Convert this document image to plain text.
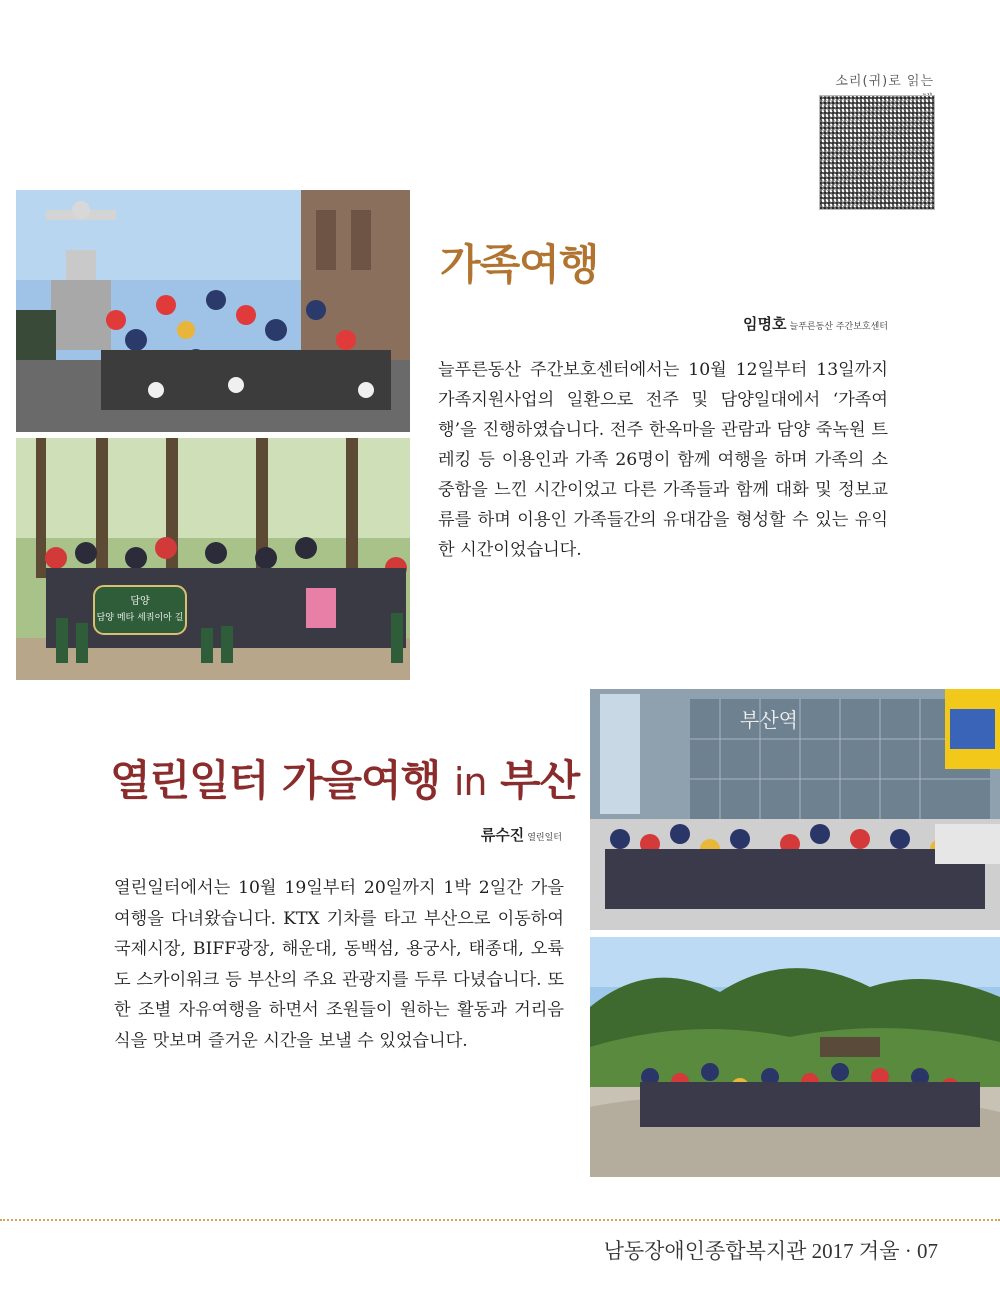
소리(귀)로 읽는
담양
담양 메타 세쿼이아 길
가족여행
임명호 늘푸른동산 주간보호센터

늘푸른동산 주간보호센터에서는 10월 12일부터 13일까지 가족지원사업의 일환으로 전주 및 담양일대에서 ‘가족여행’을 진행하였습니다. 전주 한옥마을 관람과 담양 죽녹원 트레킹 등 이용인과 가족 26명이 함께 여행을 하며 가족의 소중함을 느낀 시간이었고 다른 가족들과 함께 대화 및 정보교류를 하며 이용인 가족들간의 유대감을 형성할 수 있는 유익한 시간이었습니다.

부산역
열린일터 가을여행 in 부산
류수진 열린일터

열린일터에서는 10월 19일부터 20일까지 1박 2일간 가을여행을 다녀왔습니다. KTX 기차를 타고 부산으로 이동하여 국제시장, BIFF광장, 해운대, 동백섬, 용궁사, 태종대, 오륙도 스카이워크 등 부산의 주요 관광지를 두루 다녔습니다. 또한 조별 자유여행을 하면서 조원들이 원하는 활동과 거리음식을 맛보며 즐거운 시간을 보낼 수 있었습니다.

남동장애인종합복지관 2017 겨울 · 07
